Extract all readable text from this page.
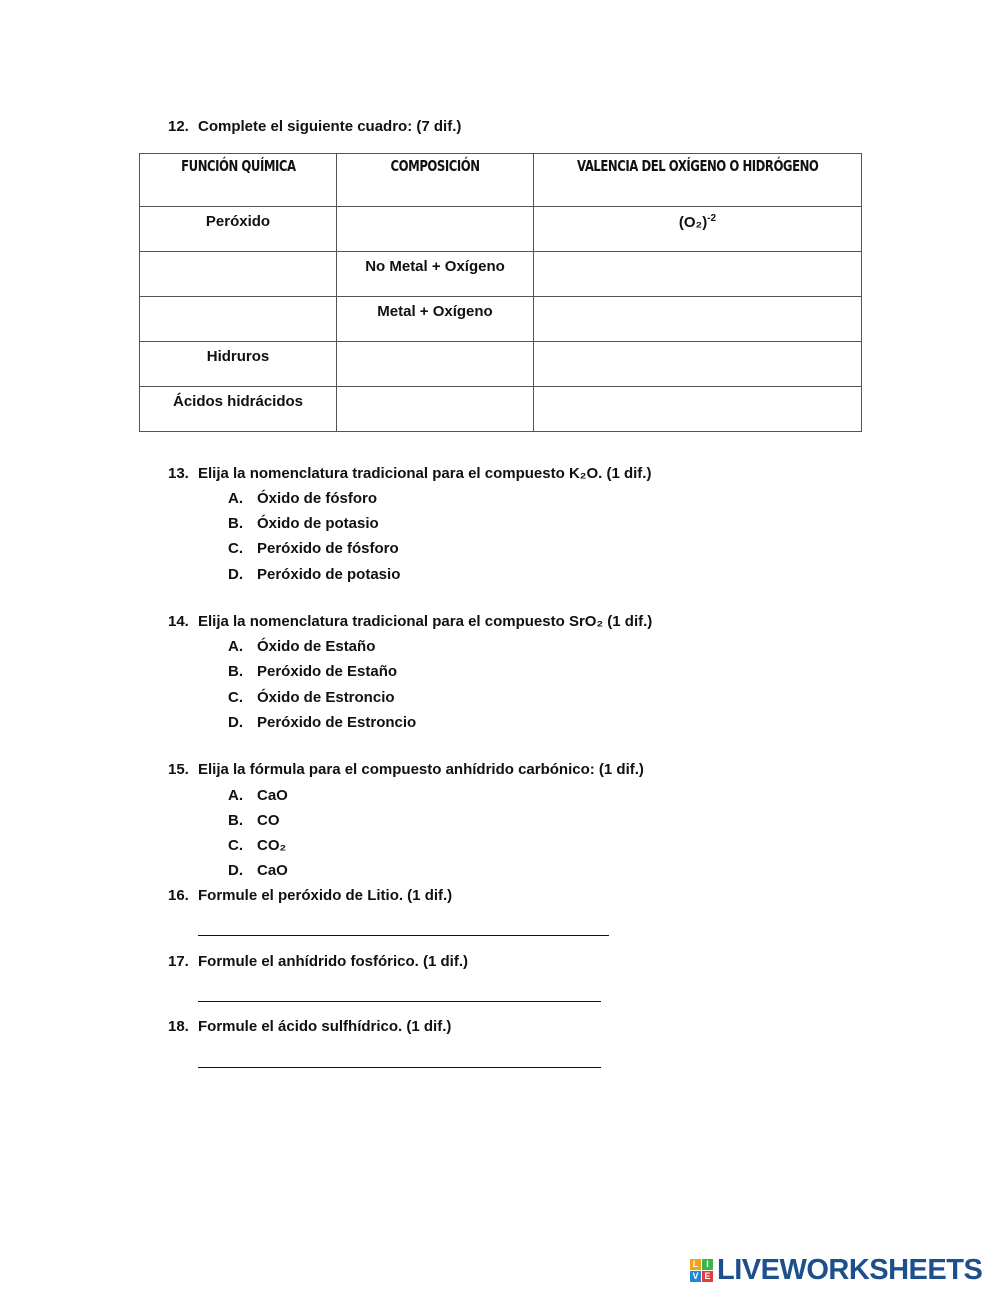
12. Complete el siguiente cuadro: (7 dif.)
FUNCIÓN QUÍMICA	COMPOSICIÓN	VALENCIA DEL OXÍGENO O HIDRÓGENO
Peróxido		$(O_2)^{-2}$
	No Metal + Oxígeno	
	Metal + Oxígeno	
Hidruros		
Ácidos hidrácidos		
13. Elija la nomenclatura tradicional para el compuesto K₂O. (1 dif.)
A. Óxido de fósforo
B. Óxido de potasio
C. Peróxido de fósforo
D. Peróxido de potasio
14. Elija la nomenclatura tradicional para el compuesto SrO₂ (1 dif.)
A. Óxido de Estaño
B. Peróxido de Estaño
C. Óxido de Estroncio
D. Peróxido de Estroncio
15. Elija la fórmula para el compuesto anhídrido carbónico: (1 dif.)
A. CaO
B. CO
C. CO₂
D. CaO
16. Formule el peróxido de Litio. (1 dif.)
17. Formule el anhídrido fosfórico. (1 dif.)
18. Formule el ácido sulfhídrico. (1 dif.)
L I
V E LIVEWORKSHEETS
